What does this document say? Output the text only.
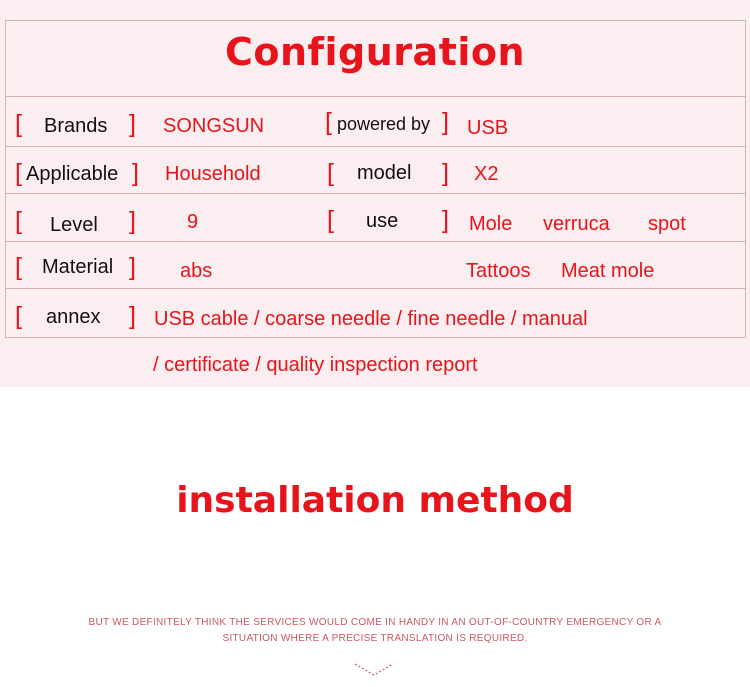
Configuration
[ Brands ] SONGSUN [ powered by ] USB
[ Applicable ] Household	[ model ] X2
[ Level ]	9	[ use ] Mole verruca spot
[ Material ] abs	Tattoos Meat mole
[ annex ] USB cable / coarse needle / fine needle / manual
/ certificate / quality inspection report
installation method
BUT WE DEFINITELY THINK THE SERVICES WOULD COME IN HANDY IN AN OUT-OF-COUNTRY EMERGENCY OR A
SITUATION WHERE A PRECISE TRANSLATION IS REQUIRED.
